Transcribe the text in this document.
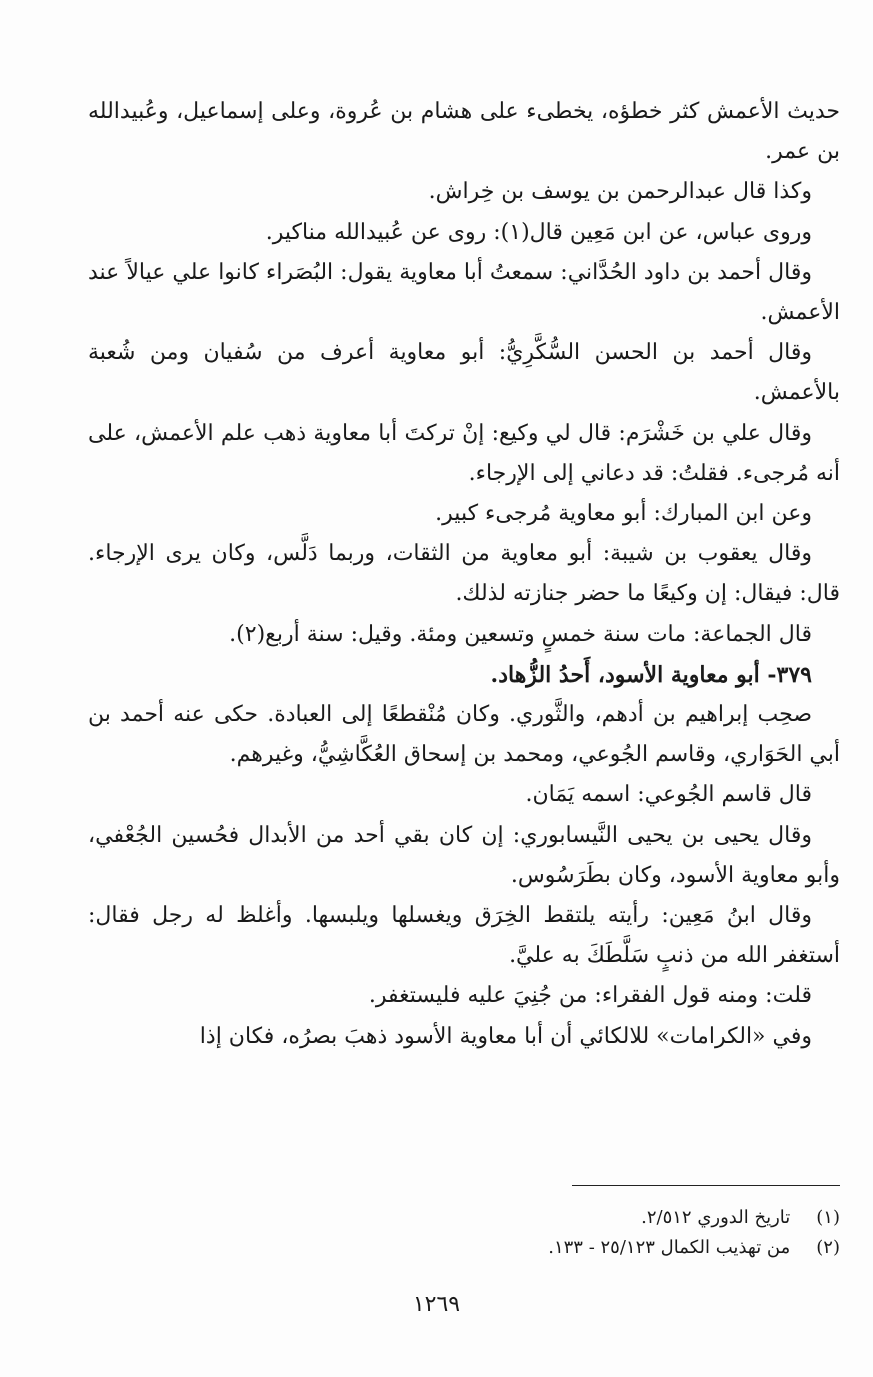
حديث الأعمش كثر خطؤه، يخطىء على هشام بن عُروة، وعلى إسماعيل، وعُبيدالله بن عمر.

وكذا قال عبدالرحمن بن يوسف بن خِراش.

وروى عباس، عن ابن مَعِين قال(١): روى عن عُبيدالله مناكير.

وقال أحمد بن داود الحُدَّاني: سمعتُ أبا معاوية يقول: البُصَراء كانوا علي عيالاً عند الأعمش.

وقال أحمد بن الحسن السُّكَّرِيُّ: أبو معاوية أعرف من سُفيان ومن شُعبة بالأعمش.

وقال علي بن خَشْرَم: قال لي وكيع: إنْ تركتَ أبا معاوية ذهب علم الأعمش، على أنه مُرجىء. فقلتُ: قد دعاني إلى الإرجاء.

وعن ابن المبارك: أبو معاوية مُرجىء كبير.

وقال يعقوب بن شيبة: أبو معاوية من الثقات، وربما دَلَّس، وكان يرى الإرجاء. قال: فيقال: إن وكيعًا ما حضر جنازته لذلك.

قال الجماعة: مات سنة خمسٍ وتسعين ومئة. وقيل: سنة أربع(٢).

٣٧٩- أبو معاوية الأسود، أَحدُ الزُّهاد.

صحِب إبراهيم بن أدهم، والثَّوري. وكان مُنْقطعًا إلى العبادة. حكى عنه أحمد بن أبي الحَوَاري، وقاسم الجُوعي، ومحمد بن إسحاق العُكَّاشِيُّ، وغيرهم.

قال قاسم الجُوعي: اسمه يَمَان.

وقال يحيى بن يحيى النَّيسابوري: إن كان بقي أحد من الأبدال فحُسين الجُعْفي، وأبو معاوية الأسود، وكان بطَرَسُوس.

وقال ابنُ مَعِين: رأيته يلتقط الخِرَق ويغسلها ويلبسها. وأغلظ له رجل فقال: أستغفر الله من ذنبٍ سَلَّطَكَ به عليَّ.

قلت: ومنه قول الفقراء: من جُنِيَ عليه فليستغفر.

وفي «الكرامات» للالكائي أن أبا معاوية الأسود ذهبَ بصرُه، فكان إذا

(١) تاريخ الدوري ٢/٥١٢.

(٢) من تهذيب الكمال ٢٥/١٢٣ - ١٣٣.

١٢٦٩
